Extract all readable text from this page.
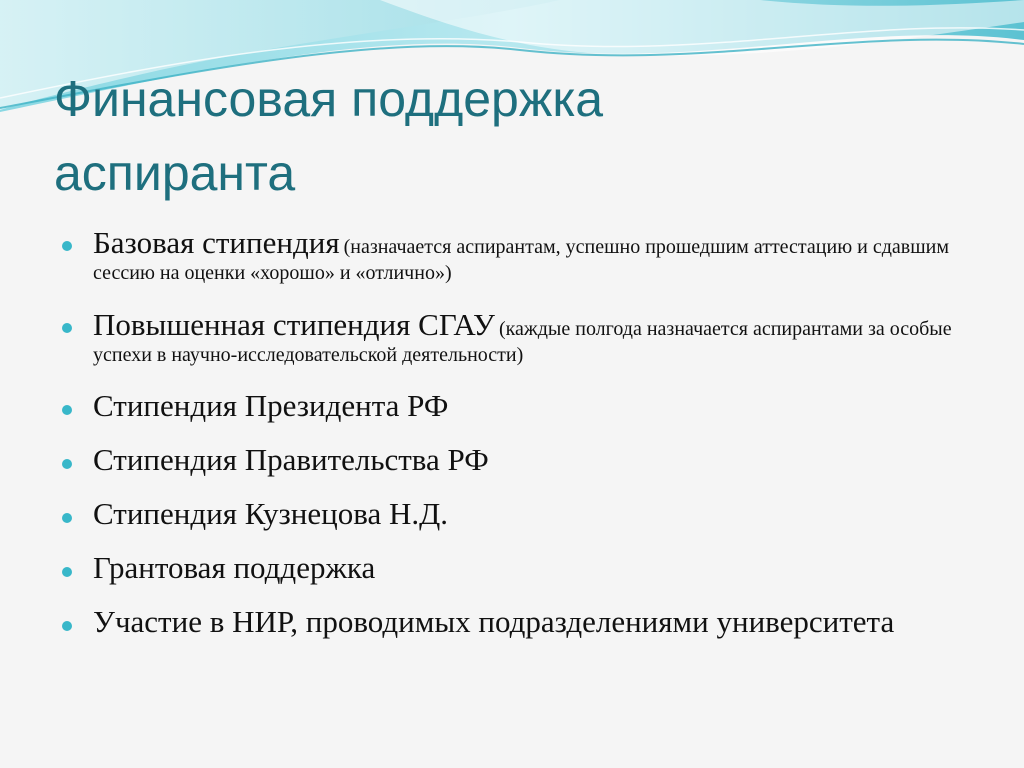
Финансовая поддержка
аспиранта
Базовая стипендия (назначается аспирантам, успешно прошедшим аттестацию и сдавшим сессию на оценки «хорошо» и «отлично»)
Повышенная стипендия СГАУ (каждые полгода назначается аспирантами за особые успехи в научно-исследовательской деятельности)
Стипендия Президента РФ
Стипендия Правительства РФ
Стипендия Кузнецова Н.Д.
Грантовая поддержка
Участие в НИР, проводимых подразделениями университета
